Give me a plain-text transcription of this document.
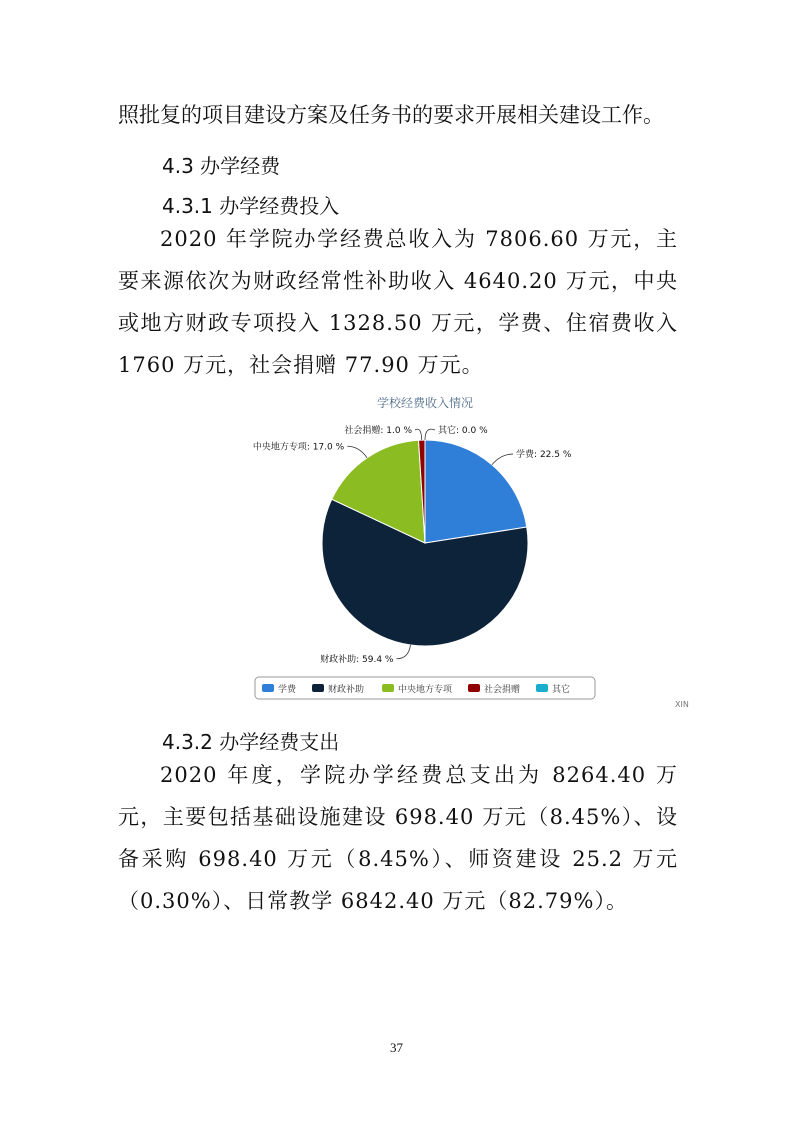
照批复的项目建设方案及任务书的要求开展相关建设工作。

4.3 办学经费

4.3.1 办学经费投入

2020 年学院办学经费总收入为 7806.60 万元，主要来源依次为财政经常性补助收入 4640.20 万元，中央或地方财政专项投入 1328.50 万元，学费、住宿费收入 1760 万元，社会捐赠 77.90 万元。

学校经费收入情况
学费: 22.5 %
财政补助: 59.4 %
中央地方专项: 17.0 %
社会捐赠: 1.0 %	其它: 0.0 %
学费	财政补助	中央地方专项	社会捐赠	其它
XIN

4.3.2 办学经费支出

2020 年度，学院办学经费总支出为 8264.40 万元，主要包括基础设施建设 698.40 万元（8.45%）、设备采购 698.40 万元（8.45%）、师资建设 25.2 万元（0.30%）、日常教学 6842.40 万元（82.79%）。

37
